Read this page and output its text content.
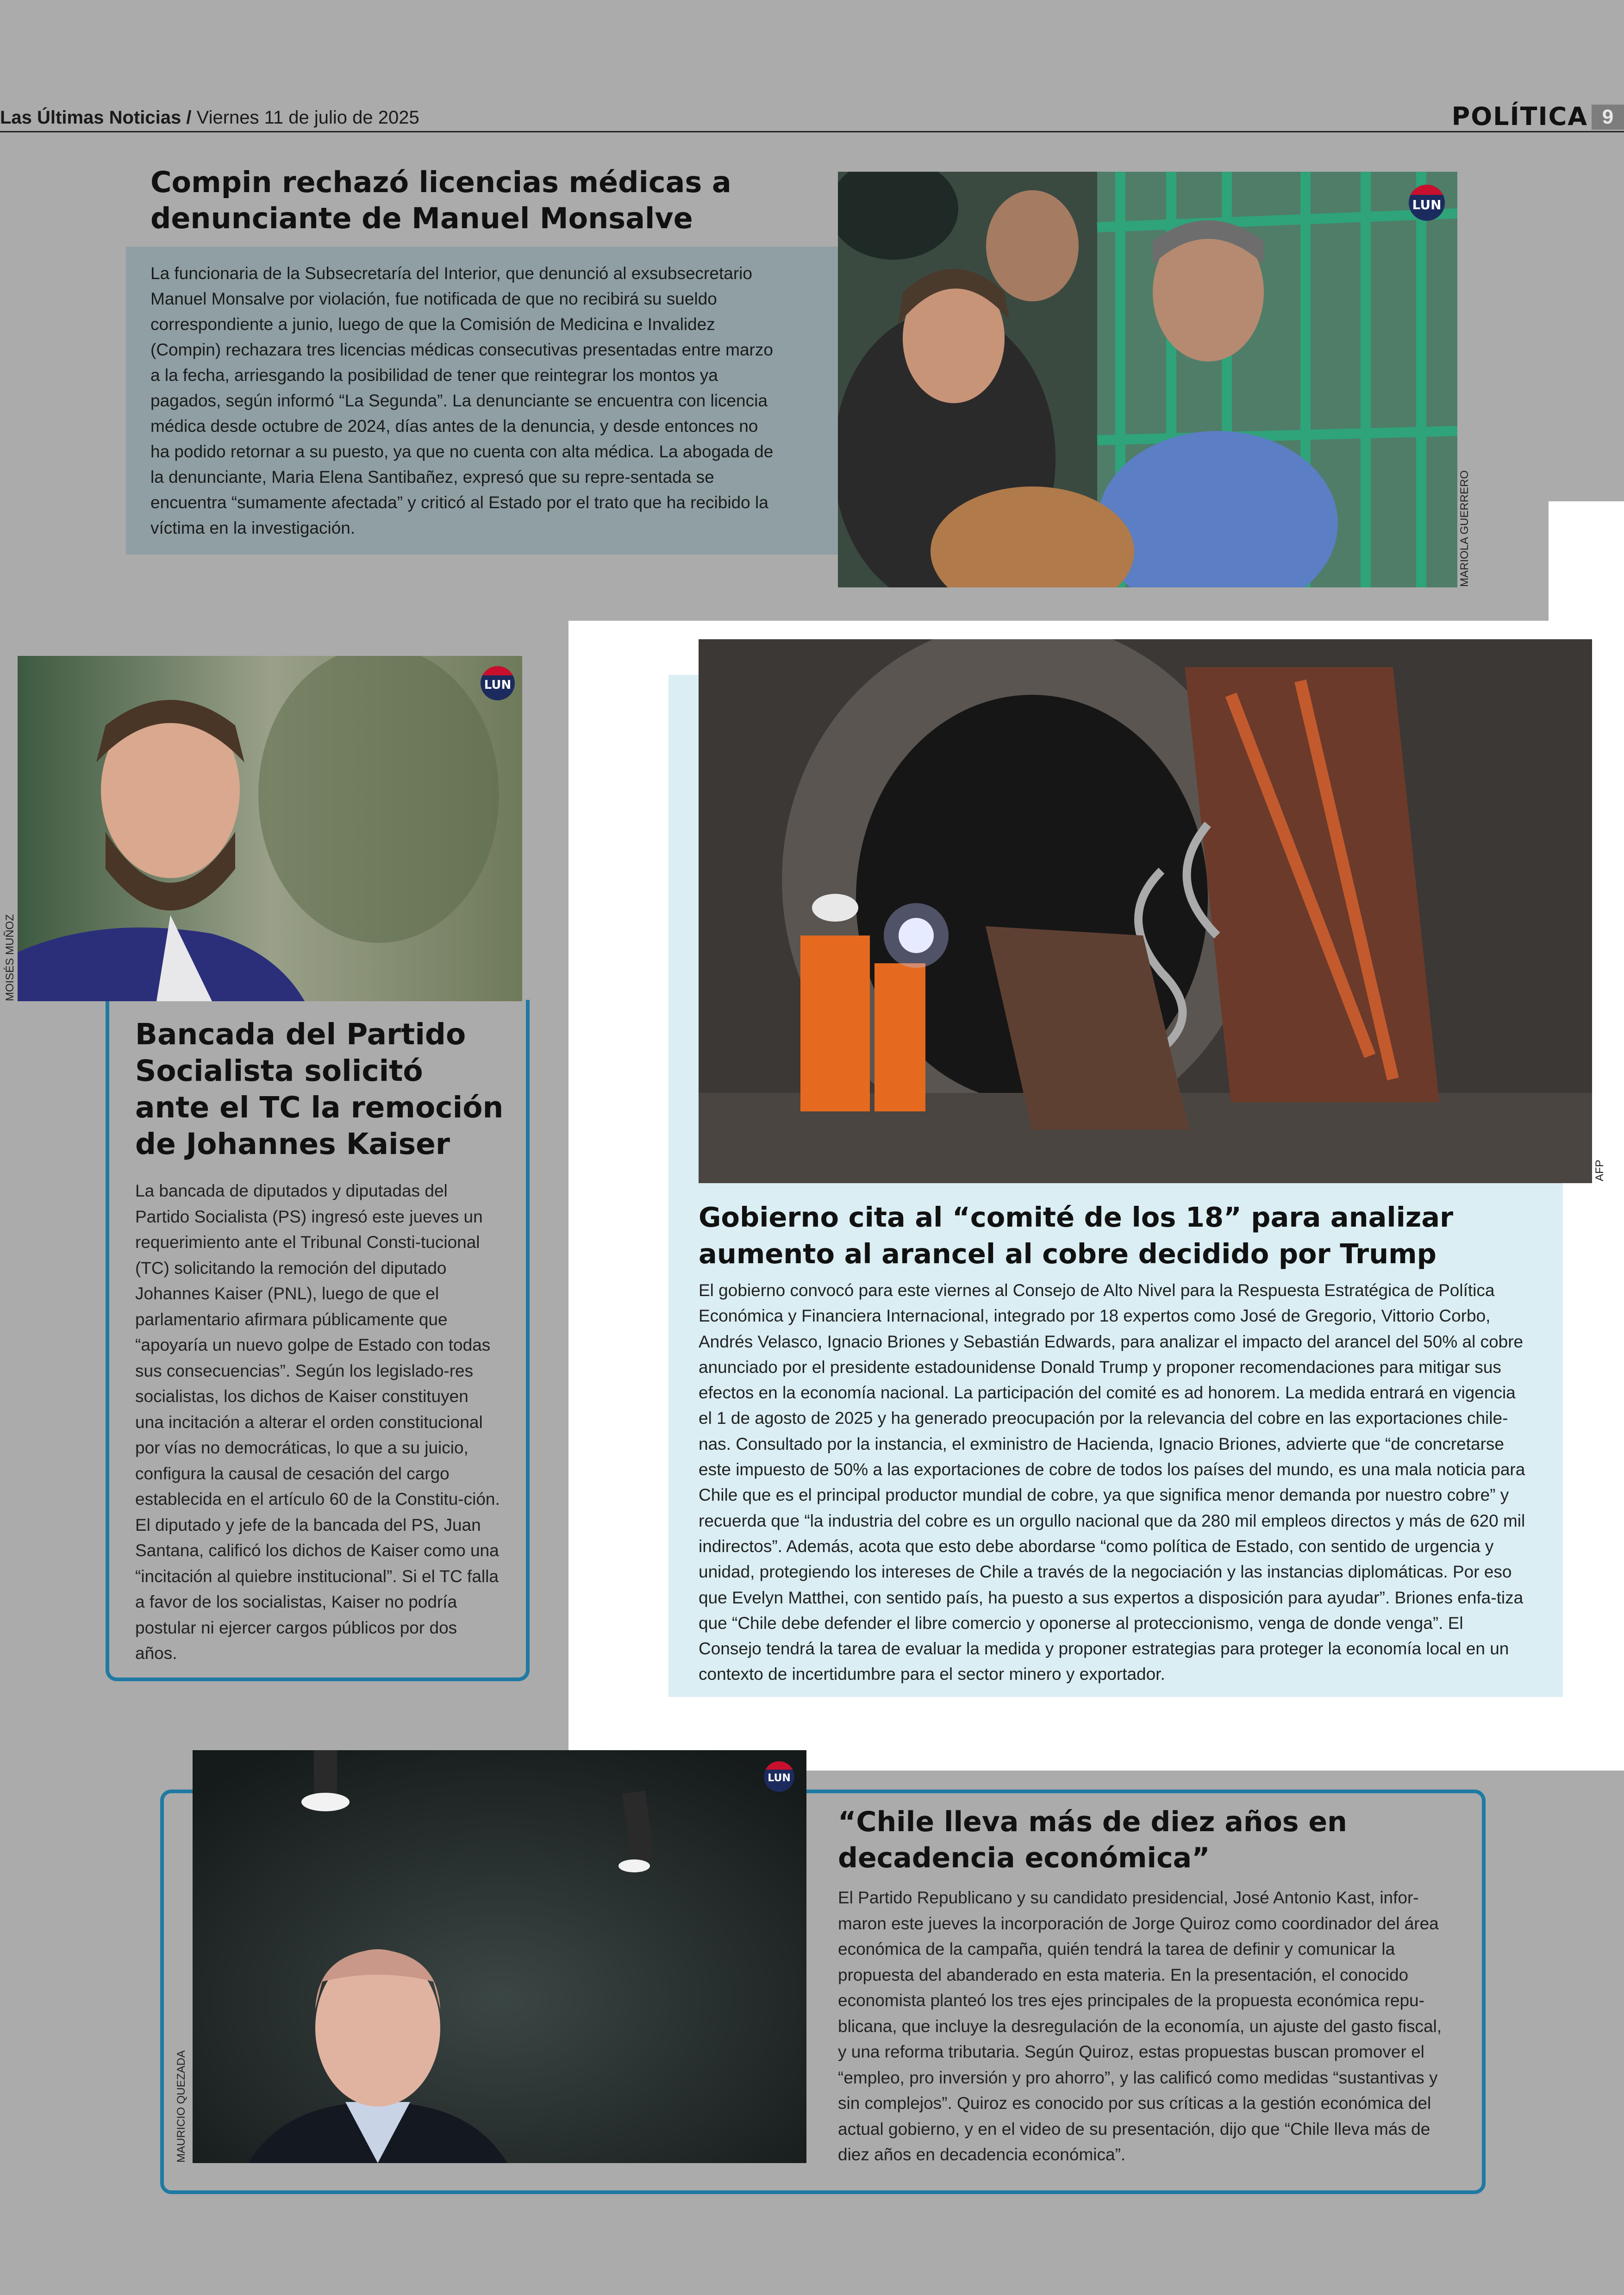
Las Últimas Noticias / Viernes 11 de julio de 2025	POLÍTICA 9
Compin rechazó licencias médicas a denunciante de Manuel Monsalve

La funcionaria de la Subsecretaría del Interior, que denunció al exsubsecretario Manuel Monsalve por violación, fue notificada de que no recibirá su sueldo correspondiente a junio, luego de que la Comisión de Medicina e Invalidez (Compin) rechazara tres licencias médicas consecutivas presentadas entre marzo a la fecha, arriesgando la posibilidad de tener que reintegrar los montos ya pagados, según informó “La Segunda”. La denunciante se encuentra con licencia médica desde octubre de 2024, días antes de la denuncia, y desde entonces no ha podido retornar a su puesto, ya que no cuenta con alta médica. La abogada de la denunciante, Maria Elena Santibañez, expresó que su repre-sentada se encuentra “sumamente afectada” y criticó al Estado por el trato que ha recibido la víctima en la investigación.

LUN
MARIOLA GUERRERO
LUN
MOISÉS MUÑOZ
Bancada del Partido Socialista solicitó ante el TC la remoción de Johannes Kaiser

La bancada de diputados y diputadas del Partido Socialista (PS) ingresó este jueves un requerimiento ante el Tribunal Consti-tucional (TC) solicitando la remoción del diputado Johannes Kaiser (PNL), luego de que el parlamentario afirmara públicamente que “apoyaría un nuevo golpe de Estado con todas sus consecuencias”. Según los legislado-res socialistas, los dichos de Kaiser constituyen una incitación a alterar el orden constitucional por vías no democráticas, lo que a su juicio, configura la causal de cesación del cargo establecida en el artículo 60 de la Constitu-ción. El diputado y jefe de la bancada del PS, Juan Santana, calificó los dichos de Kaiser como una “incitación al quiebre institucional”. Si el TC falla a favor de los socialistas, Kaiser no podría postular ni ejercer cargos públicos por dos años.

AFP
Gobierno cita al “comité de los 18” para analizar aumento al arancel al cobre decidido por Trump

El gobierno convocó para este viernes al Consejo de Alto Nivel para la Respuesta Estratégica de Política Económica y Financiera Internacional, integrado por 18 expertos como José de Gregorio, Vittorio Corbo, Andrés Velasco, Ignacio Briones y Sebastián Edwards, para analizar el impacto del arancel del 50% al cobre anunciado por el presidente estadounidense Donald Trump y proponer recomendaciones para mitigar sus efectos en la economía nacional. La participación del comité es ad honorem. La medida entrará en vigencia el 1 de agosto de 2025 y ha generado preocupación por la relevancia del cobre en las exportaciones chile-nas. Consultado por la instancia, el exministro de Hacienda, Ignacio Briones, advierte que “de concretarse este impuesto de 50% a las exportaciones de cobre de todos los países del mundo, es una mala noticia para Chile que es el principal productor mundial de cobre, ya que significa menor demanda por nuestro cobre” y recuerda que “la industria del cobre es un orgullo nacional que da 280 mil empleos directos y más de 620 mil indirectos”. Además, acota que esto debe abordarse “como política de Estado, con sentido de urgencia y unidad, protegiendo los intereses de Chile a través de la negociación y las instancias diplomáticas. Por eso que Evelyn Matthei, con sentido país, ha puesto a sus expertos a disposición para ayudar”. Briones enfa-tiza que “Chile debe defender el libre comercio y oponerse al proteccionismo, venga de donde venga”. El Consejo tendrá la tarea de evaluar la medida y proponer estrategias para proteger la economía local en un contexto de incertidumbre para el sector minero y exportador.

LUN
MAURICIO QUEZADA
“Chile lleva más de diez años en decadencia económica”

El Partido Republicano y su candidato presidencial, José Antonio Kast, infor-maron este jueves la incorporación de Jorge Quiroz como coordinador del área económica de la campaña, quién tendrá la tarea de definir y comunicar la propuesta del abanderado en esta materia. En la presentación, el conocido economista planteó los tres ejes principales de la propuesta económica repu-blicana, que incluye la desregulación de la economía, un ajuste del gasto fiscal, y una reforma tributaria. Según Quiroz, estas propuestas buscan promover el “empleo, pro inversión y pro ahorro”, y las calificó como medidas “sustantivas y sin complejos”. Quiroz es conocido por sus críticas a la gestión económica del actual gobierno, y en el video de su presentación, dijo que “Chile lleva más de diez años en decadencia económica”.
